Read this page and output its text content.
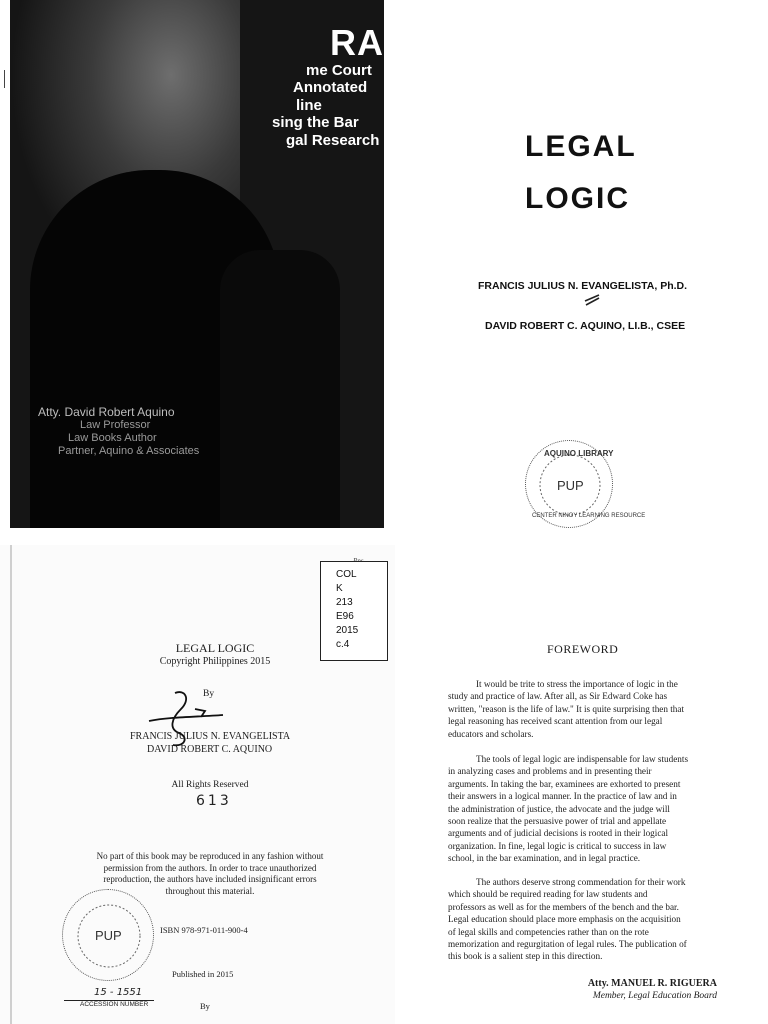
RA
me Court
Annotated
line
sing the Bar
gal Research
Atty. David Robert Aquino
Law Professor
Law Books Author
Partner, Aquino & Associates
LEGAL
LOGIC
FRANCIS JULIUS N. EVANGELISTA, Ph.D.
DAVID ROBERT C. AQUINO, LI.B., CSEE
AQUINO LIBRARY
PUP
CENTER NINOY LEARNING RESOURCE
COL
K
213
E96
2015
c.4
LEGAL LOGIC
Copyright Philippines 2015
By
FRANCIS JULIUS N. EVANGELISTA
DAVID ROBERT C. AQUINO
All Rights Reserved
613
No part of this book may be reproduced in any fashion without
permission from the authors. In order to trace unauthorized
reproduction, the authors have included insignificant errors
throughout this material.
PUP	ISBN 978-971-011-900-4
Published in 2015
15 - 1551
ACCESSION NUMBER	By
FOREWORD
It would be trite to stress the importance of logic in the
study and practice of law. After all, as Sir Edward Coke has
written, "reason is the life of law." It is quite surprising then that
legal reasoning has received scant attention from our legal
educators and scholars.
The tools of legal logic are indispensable for law students
in analyzing cases and problems and in presenting their
arguments. In taking the bar, examinees are exhorted to present
their answers in a logical manner. In the practice of law and in
the administration of justice, the advocate and the judge will
soon realize that the persuasive power of trial and appellate
arguments and of judicial decisions is rooted in their logical
organization. In fine, legal logic is critical to success in law
school, in the bar examination, and in legal practice.
The authors deserve strong commendation for their work
which should be required reading for law students and
professors as well as for the members of the bench and the bar.
Legal education should place more emphasis on the acquisition
of legal skills and competencies rather than on the rote
memorization and regurgitation of legal rules. The publication of
this book is a salient step in this direction.
Atty. MANUEL R. RIGUERA
Member, Legal Education Board
